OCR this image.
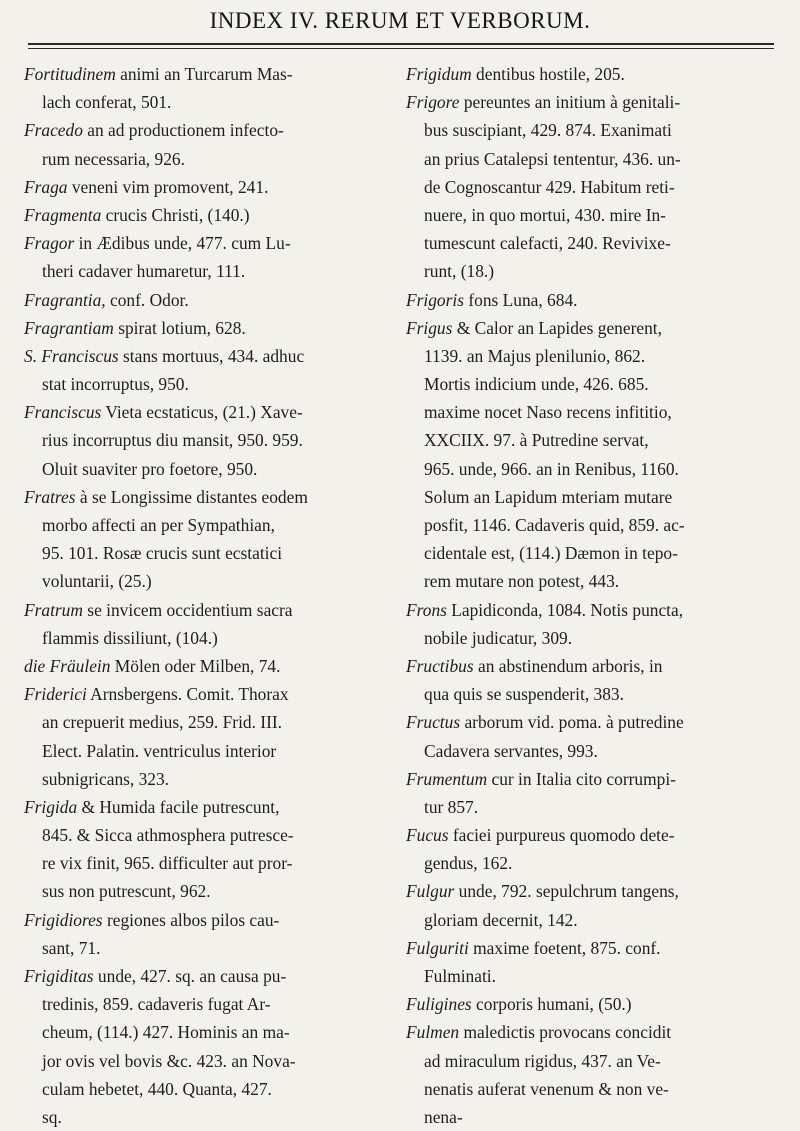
INDEX IV. RERUM ET VERBORUM.
Fortitudinem animi an Turcarum Mas-
lach conferat, 501.
Fracedo an ad productionem infecto-
rum necessaria, 926.
Fraga veneni vim promovent, 241.
Fragmenta crucis Christi, (140.)
Fragor in Ædibus unde, 477. cum Lu-
theri cadaver humaretur, 111.
Fragrantia, conf. Odor.
Fragrantiam spirat lotium, 628.
S. Franciscus stans mortuus, 434. adhuc
stat incorruptus, 950.
Franciscus Vieta ecstaticus, (21.) Xave-
rius incorruptus diu mansit, 950. 959.
Oluit suaviter pro foetore, 950.
Fratres à se Longissime distantes eodem
morbo affecti an per Sympathian,
95. 101. Rosæ crucis sunt ecstatici
voluntarii, (25.)
Fratrum se invicem occidentium sacra
flammis dissiliunt, (104.)
die Fräulein Mölen oder Milben, 74.
Friderici Arnsbergens. Comit. Thorax
an crepuerit medius, 259. Frid. III.
Elect. Palatin. ventriculus interior
subnigricans, 323.
Frigida & Humida facile putrescunt,
845. & Sicca athmosphera putresce-
re vix finit, 965. difficulter aut pror-
sus non putrescunt, 962.
Frigidiores regiones albos pilos cau-
sant, 71.
Frigiditas unde, 427. sq. an causa pu-
tredinis, 859. cadaveris fugat Ar-
cheum, (114.) 427. Hominis an ma-
jor ovis vel bovis &c. 423. an Nova-
culam hebetet, 440. Quanta, 427.
sq.
Frigidum dentibus hostile, 205.
Frigore pereuntes an initium à genitali-
bus suscipiant, 429. 874. Exanimati
an prius Catalepsi tententur, 436. un-
de Cognoscantur 429. Habitum reti-
nuere, in quo mortui, 430. mire In-
tumescunt calefacti, 240. Revivixe-
runt, (18.)
Frigoris fons Luna, 684.
Frigus & Calor an Lapides generent,
1139. an Majus plenilunio, 862.
Mortis indicium unde, 426. 685.
maxime nocet Naso recens infititio,
XXCIIX. 97. à Putredine servat,
965. unde, 966. an in Renibus, 1160.
Solum an Lapidum mteriam mutare
posfit, 1146. Cadaveris quid, 859. ac-
cidentale est, (114.) Dæmon in tepo-
rem mutare non potest, 443.
Frons Lapidiconda, 1084. Notis puncta,
nobile judicatur, 309.
Fructibus an abstinendum arboris, in
qua quis se suspenderit, 383.
Fructus arborum vid. poma. à putredine
Cadavera servantes, 993.
Frumentum cur in Italia cito corrumpi-
tur 857.
Fucus faciei purpureus quomodo dete-
gendus, 162.
Fulgur unde, 792. sepulchrum tangens,
gloriam decernit, 142.
Fulguriti maxime foetent, 875. conf.
Fulminati.
Fuligines corporis humani, (50.)
Fulmen maledictis provocans concidit
ad miraculum rigidus, 437. an Ve-
nenatis auferat venenum & non ve-
nena-
